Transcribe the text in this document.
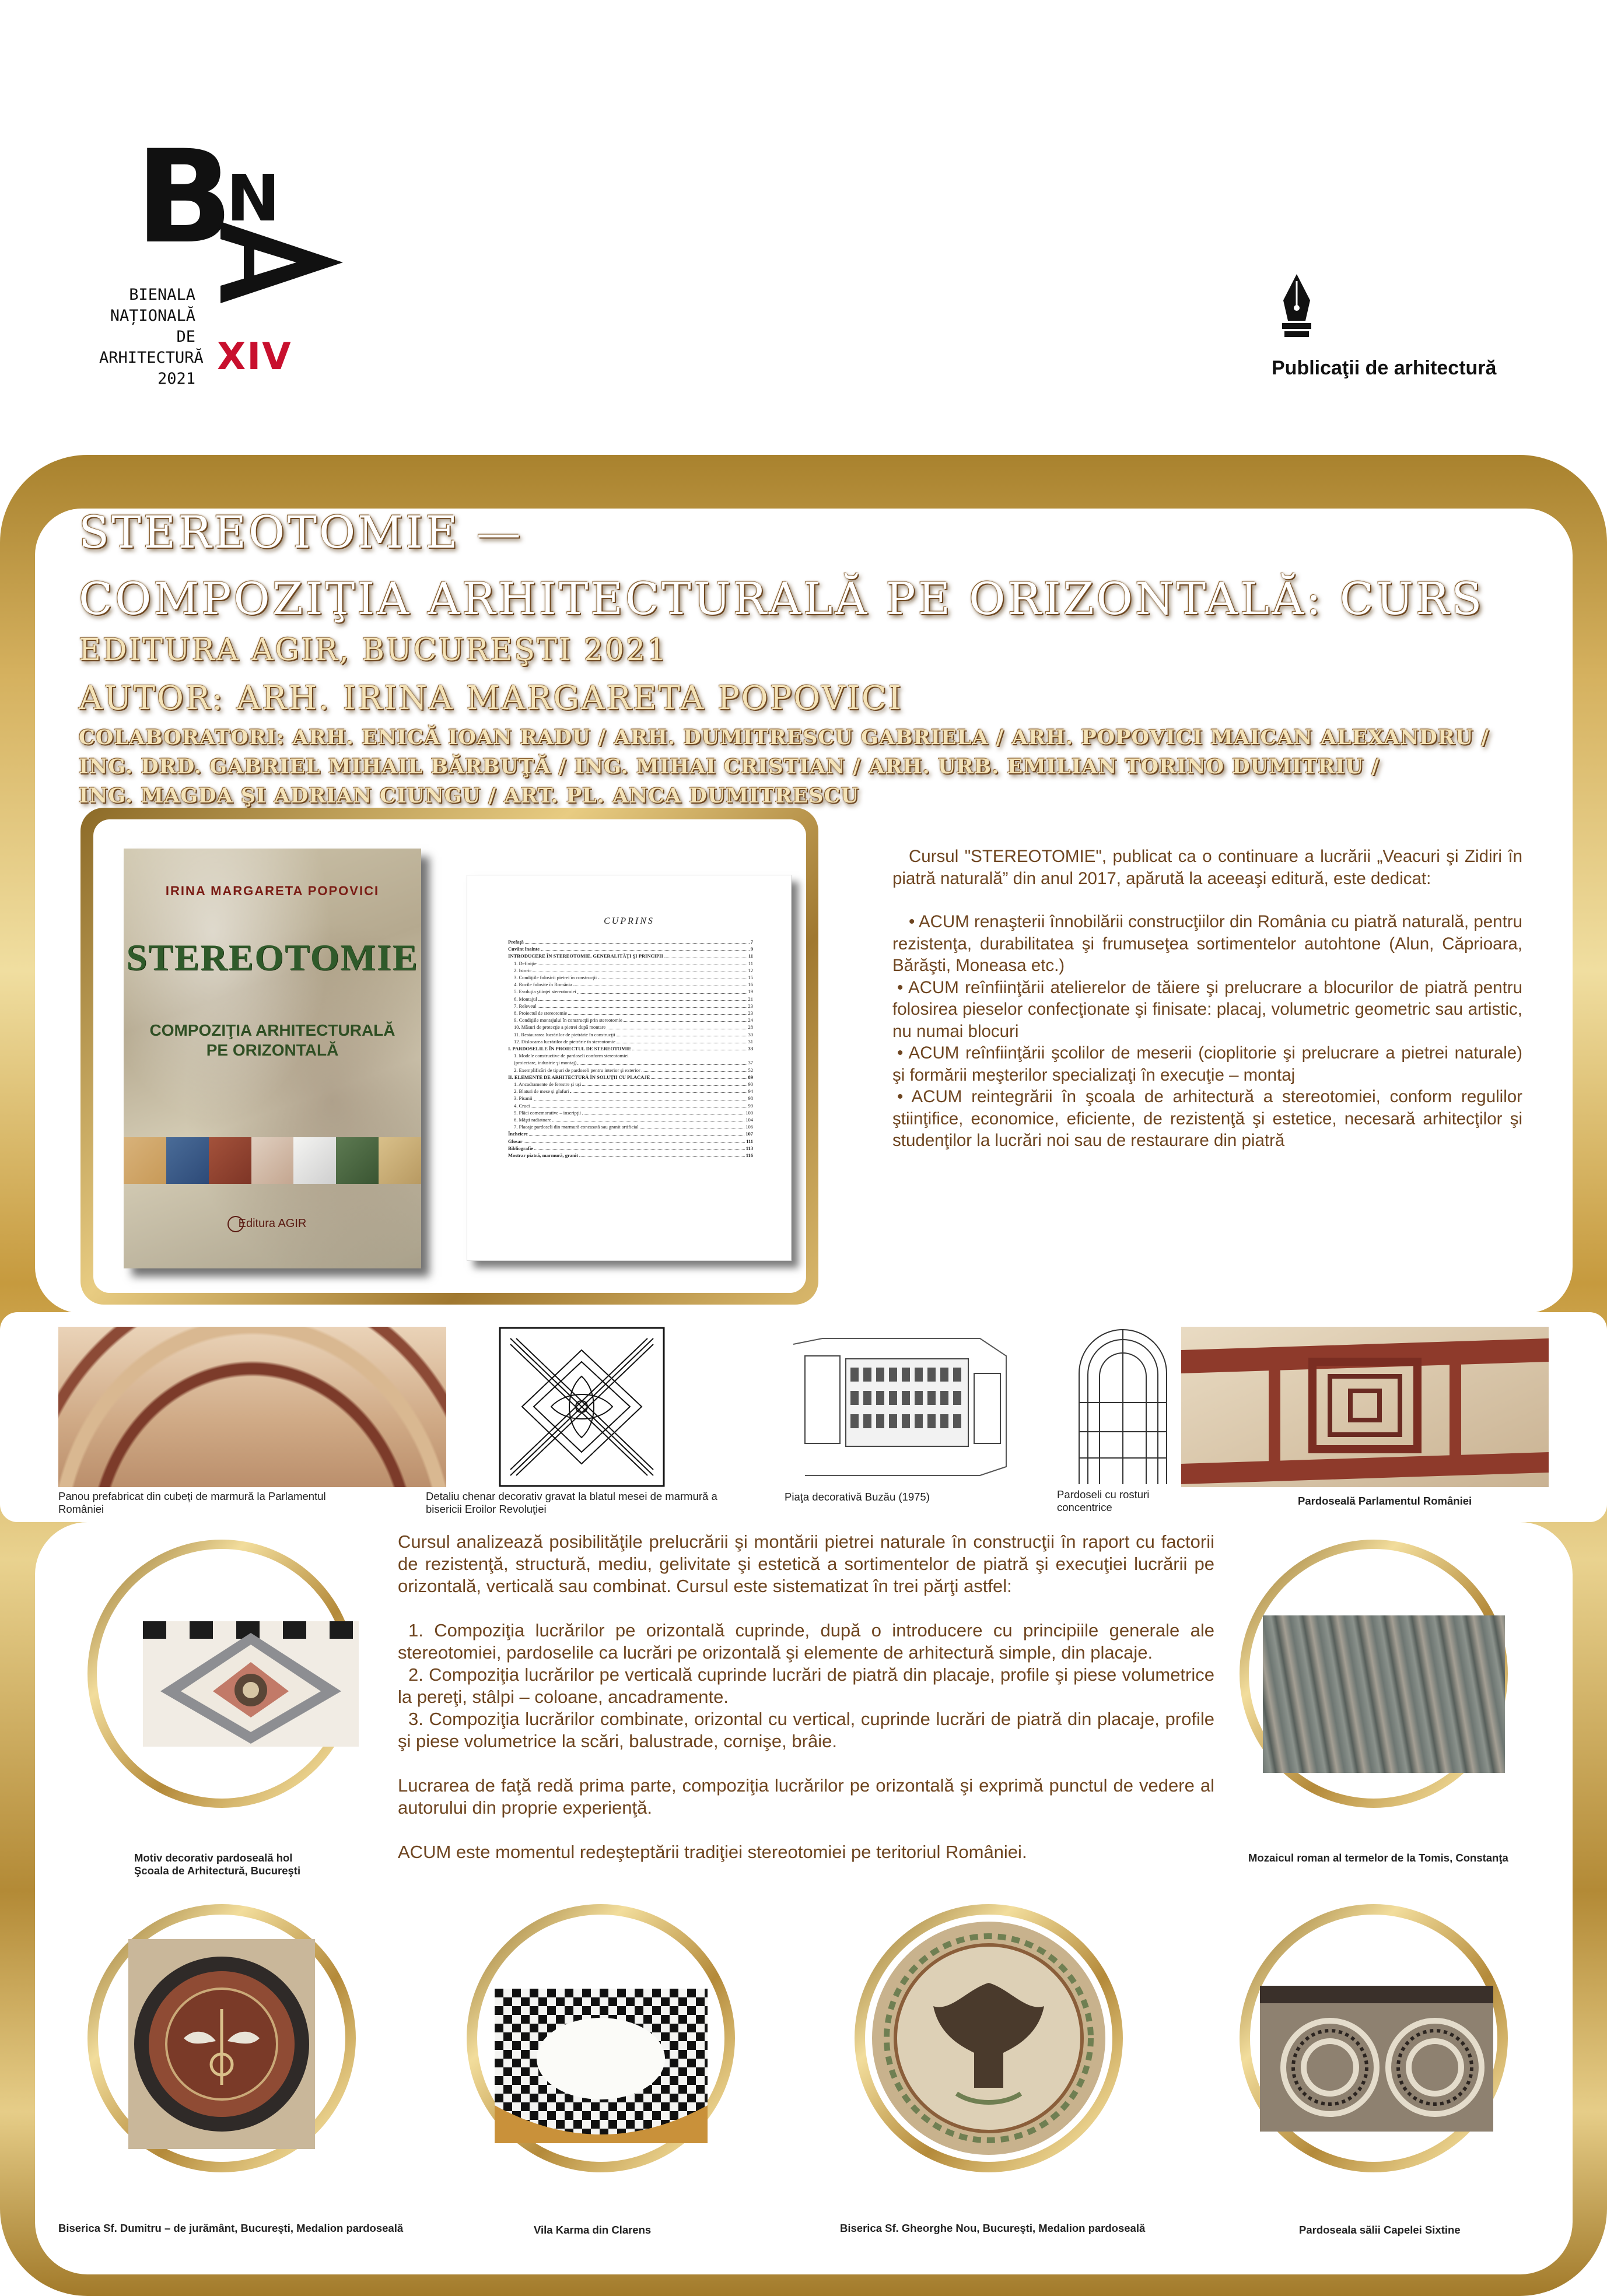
B
N
BIENALA
NAȚIONALĂ
DE
ARHITECTURĂ
2021
XIV	Publicaţii de arhitectură
STEREOTOMIE —
COMPOZIŢIA ARHITECTURALĂ PE ORIZONTALĂ: CURS
EDITURA AGIR, BUCUREŞTI 2021
AUTOR: ARH. IRINA MARGARETA POPOVICI
COLABORATORI: ARH. ENICĂ IOAN RADU / ARH. DUMITRESCU GABRIELA / ARH. POPOVICI MAICAN ALEXANDRU /
ING. DRD. GABRIEL MIHAIL BĂRBUŢĂ / ING. MIHAI CRISTIAN / ARH. URB. EMILIAN TORINO DUMITRIU /
ING. MAGDA ŞI ADRIAN CIUNGU / ART. PL. ANCA DUMITRESCU
IRINA MARGARETA POPOVICI
STEREOTOMIE
COMPOZIŢIA ARHITECTURALĂ
PE ORIZONTALĂ
Editura AGIR
CUPRINS
Prefaţă	7
Cuvânt înainte	9
INTRODUCERE ÎN STEREOTOMIE. GENERALITĂŢI ŞI PRINCIPII	11
1. Definiţie	11
2. Istoric	12
3. Condiţiile folosirii pietrei în construcţii	15
4. Rocile folosite în România	16
5. Evoluţia ştiinţei stereotomiei	19
6. Montajul	21
7. Releveul	23
8. Proiectul de stereotomie	23
9. Condiţiile montajului în construcţii prin stereotomie	24
10. Măsuri de protecţie a pietrei după montare	28
11. Restaurarea lucrărilor de pietrărie în construcţii	30
12. Dislocarea lucrărilor de pietrărie în stereotomie	31
I. PARDOSELILE ÎN PROIECTUL DE STEREOTOMIE	33
1. Modele constructive de pardoseli conform stereotomiei
(proiectare, industrie şi montaj)	37
2. Exemplificări de tipuri de pardoseli pentru interior şi exterior	52
II. ELEMENTE DE ARHITECTURĂ ÎN SOLUŢII CU PLACAJE	89
1. Ancadramente de ferestre şi uşi	90
2. Blaturi de mese şi glafuri	94
3. Pisanii	98
4. Cruci	99
5. Plăci comemorative – inscripţii	100
6. Măşti radiatoare	104
7. Placaje pardoseli din marmură concasată sau granit artificial	106
Încheiere	107
Glosar	111
Bibliografie	113
Mostrar piatră, marmură, granit	116

Cursul "STEREOTOMIE", publicat ca o continuare a lucrării „Veacuri şi Zidiri în piatră naturală” din anul 2017, apărută la aceeaşi editură, este dedicat:

• ACUM renaşterii înnobilării construcţiilor din România cu piatră naturală, pentru rezistenţa, durabilitatea şi frumuseţea sortimentelor autohtone (Alun, Căprioara, Bărăşti, Moneasa etc.)

• ACUM reînfiinţării atelierelor de tăiere şi prelucrare a blocurilor de piatră pentru folosirea pieselor confecţionate şi finisate: placaj, volumetric geometric sau artistic, nu numai blocuri

• ACUM reînfiinţării şcolilor de meserii (cioplitorie şi prelucrare a pietrei naturale) şi formării meşterilor specializaţi în execuţie – montaj

• ACUM reintegrării în şcoala de arhitectură a stereotomiei, conform regulilor ştiinţifice, economice, eficiente, de rezistenţă şi estetice, necesară arhitecţilor şi studenţilor la lucrări noi sau de restaurare din piatră

Panou prefabricat din cubeţi de marmură la Parlamentul României
Detaliu chenar decorativ gravat la blatul mesei de marmură a bisericii Eroilor Revoluţiei
Piaţa decorativă Buzău (1975)	Pardoseli cu rosturi concentrice
Pardoseală Parlamentul României

Cursul analizează posibilităţile prelucrării şi montării pietrei naturale în construcţii în raport cu factorii de rezistenţă, structură, mediu, gelivitate şi estetică a sortimentelor de piatră şi execuţiei lucrării pe orizontală, verticală sau combinat. Cursul este sistematizat în trei părţi astfel:

1. Compoziţia lucrărilor pe orizontală cuprinde, după o introducere cu principiile generale ale stereotomiei, pardoselile ca lucrări pe orizontală şi elemente de arhitectură simple, din placaje.

2. Compoziţia lucrărilor pe verticală cuprinde lucrări de piatră din placaje, profile şi piese volumetrice la pereţi, stâlpi – coloane, ancadramente.

3. Compoziţia lucrărilor combinate, orizontal cu vertical, cuprinde lucrări de piatră din placaje, profile şi piese volumetrice la scări, balustrade, cornişe, brâie.

Lucrarea de faţă redă prima parte, compoziţia lucrărilor pe orizontală şi exprimă punctul de vedere al autorului din proprie experienţă.

ACUM este momentul redeşteptării tradiţiei stereotomiei pe teritoriul României.

Motiv decorativ pardoseală hol
Şcoala de Arhitectură, Bucureşti
Mozaicul roman al termelor de la Tomis, Constanţa
Biserica Sf. Dumitru – de jurământ, Bucureşti, Medalion pardoseală	Vila Karma din Clarens	Biserica Sf. Gheorghe Nou, Bucureşti, Medalion pardoseală	Pardoseala sălii Capelei Sixtine
